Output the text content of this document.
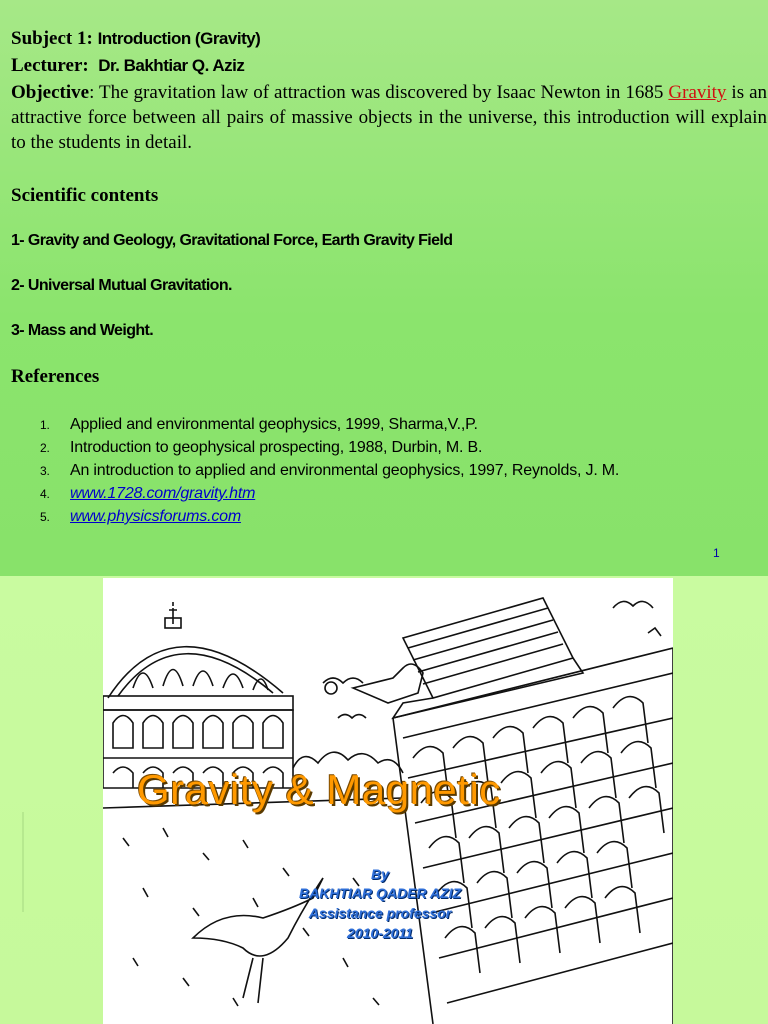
Subject 1: Introduction (Gravity)
Lecturer: Dr. Bakhtiar Q. Aziz
Objective: The gravitation law of attraction was discovered by Isaac Newton in 1685 Gravity is an attractive force between all pairs of massive objects in the universe, this introduction will explain to the students in detail.
Scientific contents
1- Gravity and Geology, Gravitational Force, Earth Gravity Field
2- Universal Mutual Gravitation.
3- Mass and Weight.
References
1. Applied and environmental geophysics, 1999, Sharma,V.,P.
2. Introduction to geophysical prospecting, 1988, Durbin, M. B.
3. An introduction to applied and environmental geophysics, 1997, Reynolds, J. M.
4. www.1728.com/gravity.htm
5. www.physicsforums.com
1
Gravity & Magnetic
By
BAKHTIAR QADER AZIZ
Assistance professor
2010-2011
